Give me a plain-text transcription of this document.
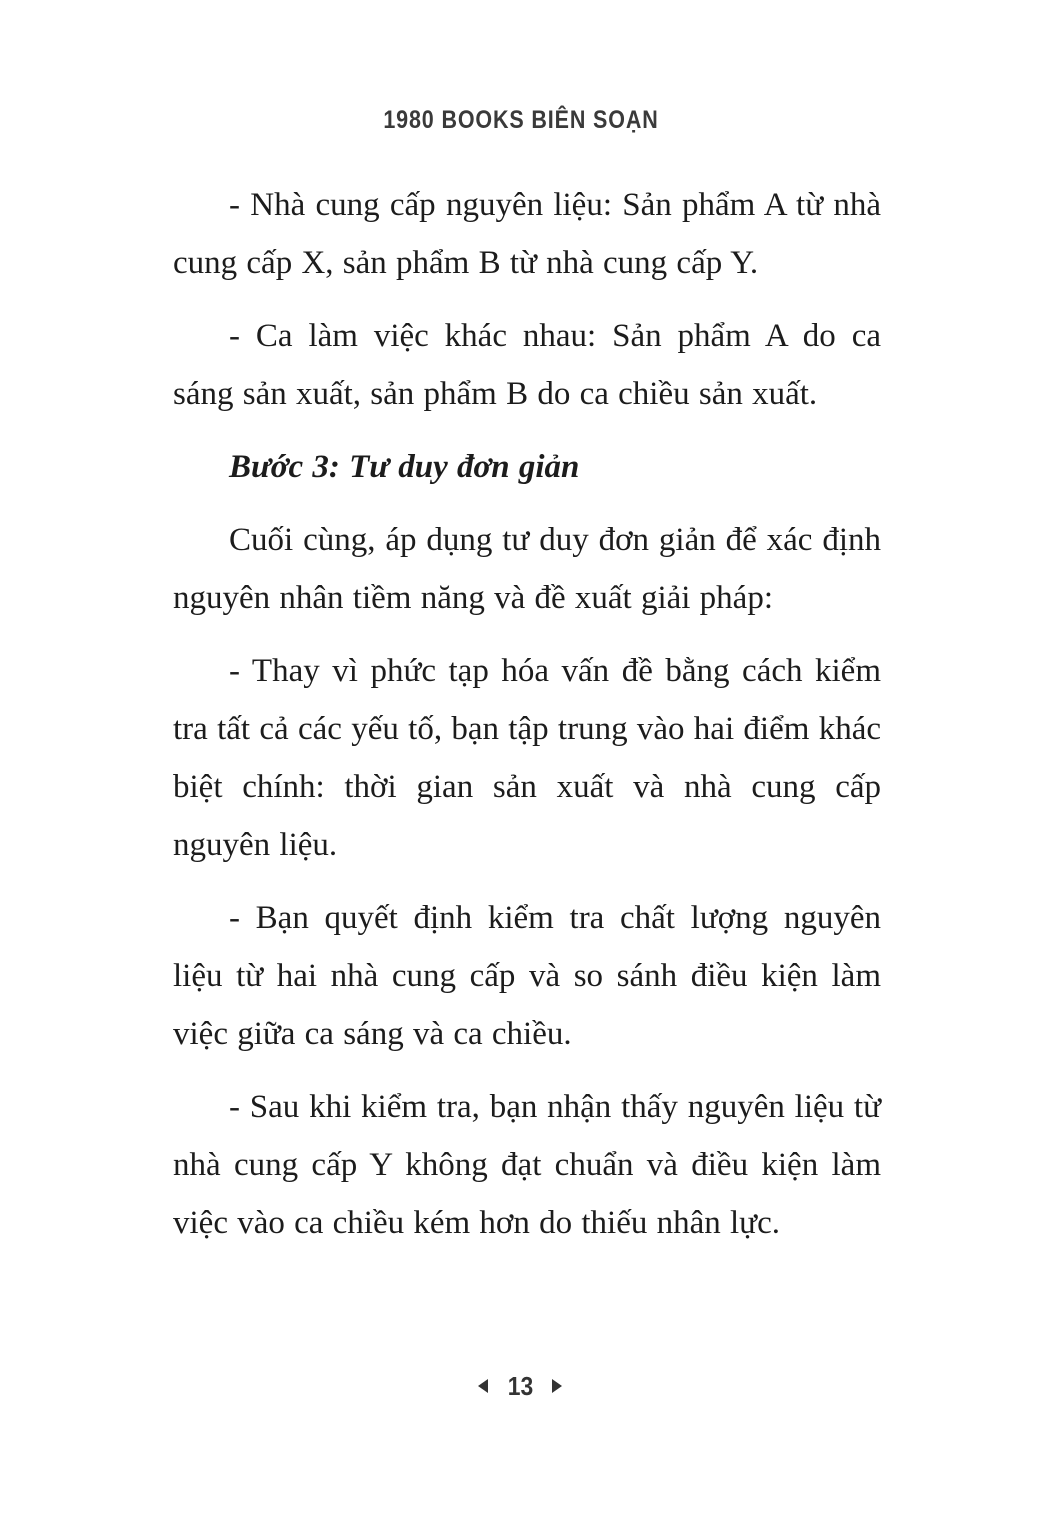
1980 BOOKS BIÊN SOẠN

- Nhà cung cấp nguyên liệu: Sản phẩm A từ nhà cung cấp X, sản phẩm B từ nhà cung cấp Y.

- Ca làm việc khác nhau: Sản phẩm A do ca sáng sản xuất, sản phẩm B do ca chiều sản xuất.

Bước 3: Tư duy đơn giản

Cuối cùng, áp dụng tư duy đơn giản để xác định nguyên nhân tiềm năng và đề xuất giải pháp:

- Thay vì phức tạp hóa vấn đề bằng cách kiểm tra tất cả các yếu tố, bạn tập trung vào hai điểm khác biệt chính: thời gian sản xuất và nhà cung cấp nguyên liệu.

- Bạn quyết định kiểm tra chất lượng nguyên liệu từ hai nhà cung cấp và so sánh điều kiện làm việc giữa ca sáng và ca chiều.

- Sau khi kiểm tra, bạn nhận thấy nguyên liệu từ nhà cung cấp Y không đạt chuẩn và điều kiện làm việc vào ca chiều kém hơn do thiếu nhân lực.

13
